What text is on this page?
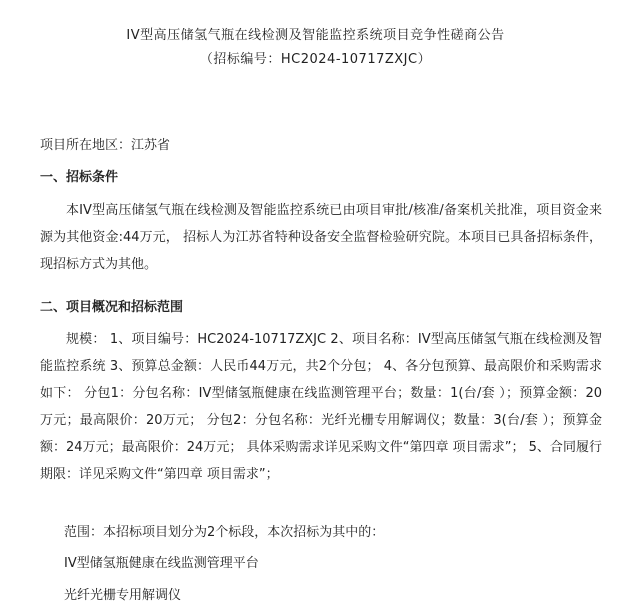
IV型高压储氢气瓶在线检测及智能监控系统项目竞争性磋商公告
（招标编号：HC2024-10717ZXJC）
项目所在地区：江苏省
一、招标条件
本IV型高压储氢气瓶在线检测及智能监控系统已由项目审批/核准/备案机关批准，项目资金来源为其他资金:44万元， 招标人为江苏省特种设备安全监督检验研究院。本项目已具备招标条件，现招标方式为其他。
二、项目概况和招标范围
规模： 1、项目编号：HC2024-10717ZXJC 2、项目名称：IV型高压储氢气瓶在线检测及智能监控系统 3、预算总金额：人民币44万元，共2个分包； 4、各分包预算、最高限价和采购需求如下： 分包1：分包名称：IV型储氢瓶健康在线监测管理平台；数量：1(台/套 ）；预算金额：20万元；最高限价：20万元； 分包2：分包名称：光纤光栅专用解调仪；数量：3(台/套 ）；预算金额：24万元；最高限价：24万元； 具体采购需求详见采购文件“第四章 项目需求”； 5、合同履行期限：详见采购文件“第四章 项目需求”；
范围：本招标项目划分为2个标段，本次招标为其中的：
IV型储氢瓶健康在线监测管理平台
光纤光栅专用解调仪
